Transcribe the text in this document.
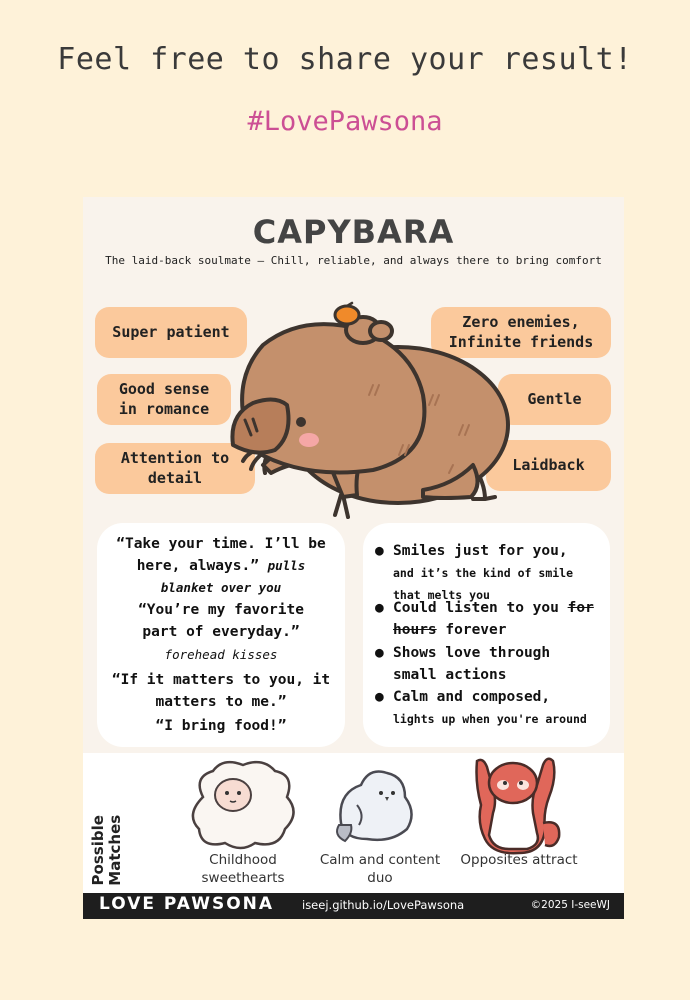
Feel free to share your result!
#LovePawsona
CAPYBARA
The laid-back soulmate – Chill, reliable, and always there to bring comfort
Super patient
Good sense in romance
Attention to detail
Zero enemies, Infinite friends
Gentle
Laidback
“Take your time. I’ll be here, always.” pulls blanket over you
“You’re my favorite part of everyday.”
forehead kisses
“If it matters to you, it matters to me.”
“I bring food!”
● Smiles just for you,
and it’s the kind of smile that melts you
● Could listen to you for hours forever
● Shows love through small actions
● Calm and composed,
lights up when you're around
Possible Matches	Childhood sweethearts
Calm and content duo
Opposites attract
LOVE PAWSONA iseej.github.io/LovePawsona	©2025 I-seeWJ
